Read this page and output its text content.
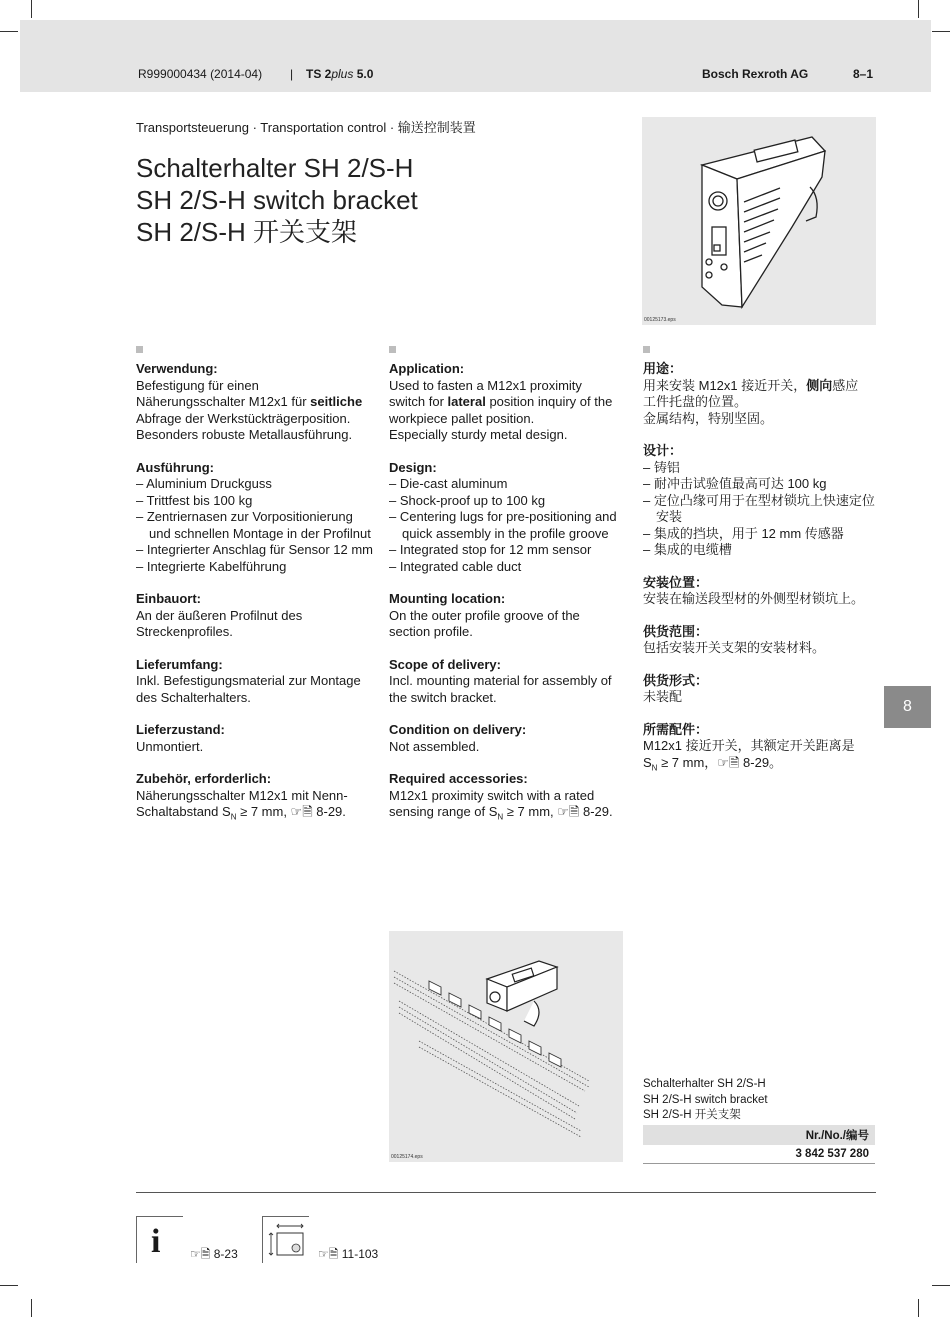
R999000434 (2014-04) | TS 2plus 5.0	Bosch Rexroth AG	8–1
Transportsteuerung · Transportation control · 输送控制装置
Schalterhalter SH 2/S-H
SH 2/S-H switch bracket
SH 2/S-H 开关支架
00125173.eps
Verwendung:

Befestigung für einen
Näherungsschalter M12x1 für seitliche
Abfrage der Werkstückträgerposition.
Besonders robuste Metallausführung.

Ausführung:
– Aluminium Druckguss
– Trittfest bis 100 kg
– Zentriernasen zur Vorpositionierung und schnellen Montage in der Profilnut
– Integrierter Anschlag für Sensor 12 mm
– Integrierte Kabelführung
Einbauort:

An der äußeren Profilnut des
Streckenprofiles.

Lieferumfang:

Inkl. Befestigungsmaterial zur Montage
des Schalterhalters.

Lieferzustand:

Unmontiert.

Zubehör, erforderlich:

Näherungsschalter M12x1 mit Nenn-
Schaltabstand $S_N \ge 7$ mm, ☞🗎 8-29.

Application:

Used to fasten a M12x1 proximity
switch for lateral position inquiry of the
workpiece pallet position.
Especially sturdy metal design.

Design:
– Die-cast aluminum
– Shock-proof up to 100 kg
– Centering lugs for pre-positioning and quick assembly in the profile groove
– Integrated stop for 12 mm sensor
– Integrated cable duct
Mounting location:

On the outer profile groove of the
section profile.

Scope of delivery:

Incl. mounting material for assembly of
the switch bracket.

Condition on delivery:

Not assembled.

Required accessories:

M12x1 proximity switch with a rated
sensing range of $S_N \ge 7$ mm, ☞🗎 8-29.

用途：

用来安装 M12x1 接近开关，侧向感应
工件托盘的位置。
金属结构，特别坚固。

设计：
– 铸铝
– 耐冲击试验值最高可达 100 kg
– 定位凸缘可用于在型材锁坑上快速定位安装
– 集成的挡块，用于 12 mm 传感器
– 集成的电缆槽
安装位置：

安装在输送段型材的外侧型材锁坑上。

供货范围：

包括安装开关支架的安装材料。

供货形式：

未装配

所需配件：

M12x1 接近开关，其额定开关距离是
$S_N \ge 7$ mm，☞🗎 8-29。

8
00125174.eps
Schalterhalter SH 2/S-H
SH 2/S-H switch bracket
SH 2/S-H 开关支架
Nr./No./编号
3 842 537 280
i ☞🗎 8-23	☞🗎 11-103
